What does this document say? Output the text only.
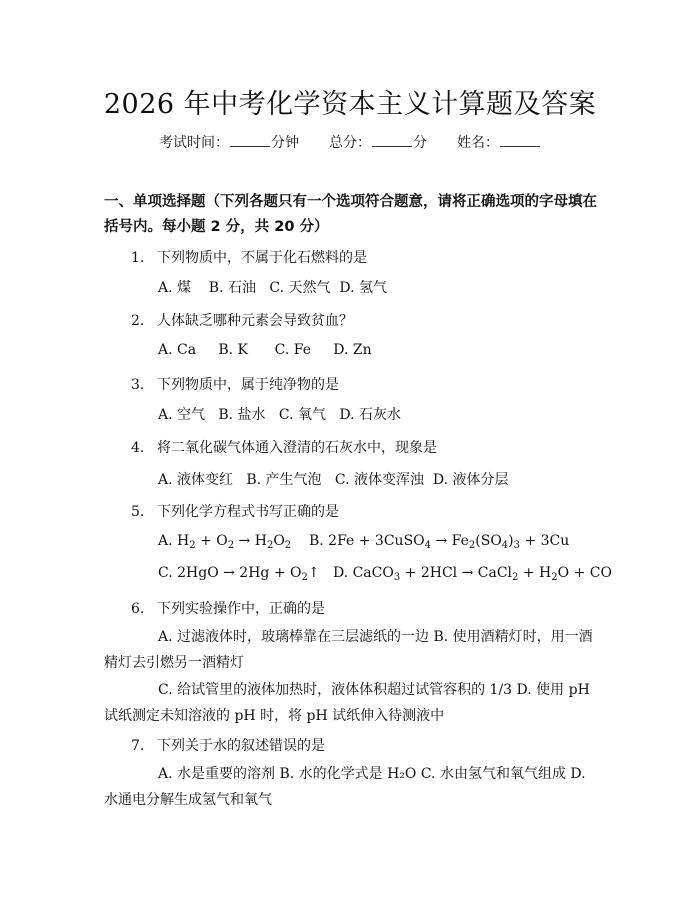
2026 年中考化学资本主义计算题及答案
考试时间：	分钟 总分：	分 姓名：
一、单项选择题（下列各题只有一个选项符合题意，请将正确选项的字母填在括号内。每小题 2 分，共 20 分）
1. 下列物质中，不属于化石燃料的是
A. 煤    B. 石油   C. 天然气  D. 氢气
2. 人体缺乏哪种元素会导致贫血？
A. Ca     B. K      C. Fe     D. Zn
3. 下列物质中，属于纯净物的是
A. 空气   B. 盐水   C. 氧气   D. 石灰水
4. 将二氧化碳气体通入澄清的石灰水中，现象是
A. 液体变红   B. 产生气泡   C. 液体变浑浊  D. 液体分层
5. 下列化学方程式书写正确的是
A. $H_2 + O_2 \to H_2O_2$    B. 2Fe + 3CuSO$_4$ → $Fe_2(SO_4)_3 + 3Cu$
C. $2HgO \to 2Hg + O_2↑$   D. CaCO$_3$ + 2HCl → CaCl$_2$ + $H_2O$ + CO
6. 下列实验操作中，正确的是
A. 过滤液体时，玻璃棒靠在三层滤纸的一边 B. 使用酒精灯时，用一酒精灯去引燃另一酒精灯
C. 给试管里的液体加热时，液体体积超过试管容积的 1/3 D. 使用 pH 试纸测定未知溶液的 pH 时，将 pH 试纸伸入待测液中
7. 下列关于水的叙述错误的是
A. 水是重要的溶剂 B. 水的化学式是 H₂O C. 水由氢气和氧气组成 D. 水通电分解生成氢气和氧气
